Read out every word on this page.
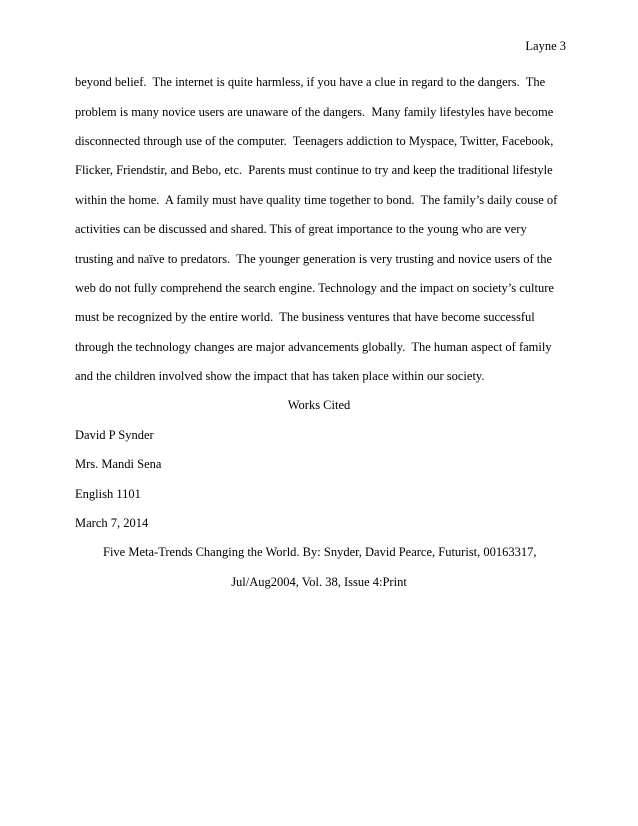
Layne 3
beyond belief.  The internet is quite harmless, if you have a clue in regard to the dangers.  The
problem is many novice users are unaware of the dangers.  Many family lifestyles have become
disconnected through use of the computer.  Teenagers addiction to Myspace, Twitter, Facebook,
Flicker, Friendstir, and Bebo, etc.  Parents must continue to try and keep the traditional lifestyle
within the home.  A family must have quality time together to bond.  The family’s daily couse of
activities can be discussed and shared. This of great importance to the young who are very
trusting and naïve to predators.  The younger generation is very trusting and novice users of the
web do not fully comprehend the search engine. Technology and the impact on society’s culture
must be recognized by the entire world.  The business ventures that have become successful
through the technology changes are major advancements globally.  The human aspect of family
and the children involved show the impact that has taken place within our society.
Works Cited
David P Synder
Mrs. Mandi Sena
English 1101
March 7, 2014
Five Meta-Trends Changing the World. By: Snyder, David Pearce, Futurist, 00163317,
Jul/Aug2004, Vol. 38, Issue 4:Print
